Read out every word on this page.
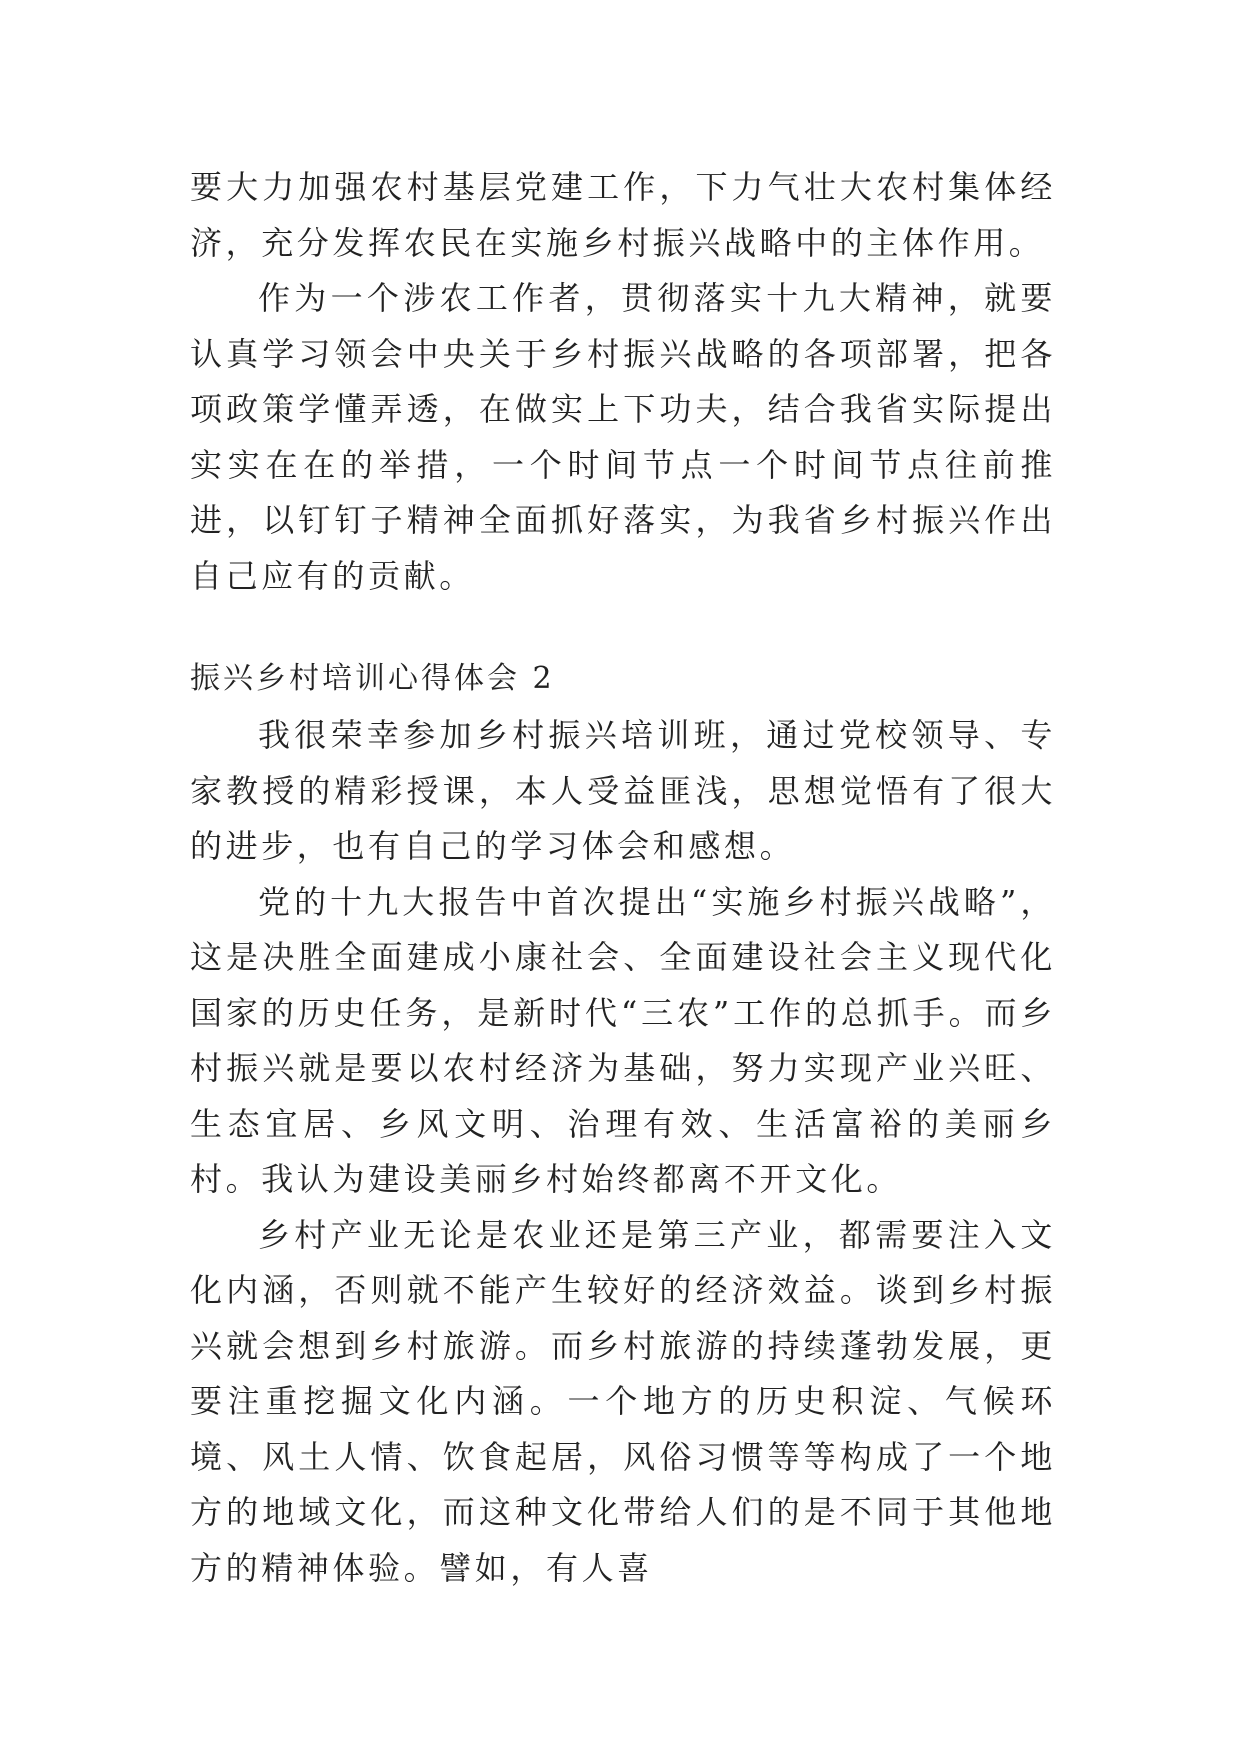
要大力加强农村基层党建工作，下力气壮大农村集体经济，充分发挥农民在实施乡村振兴战略中的主体作用。

作为一个涉农工作者，贯彻落实十九大精神，就要认真学习领会中央关于乡村振兴战略的各项部署，把各项政策学懂弄透，在做实上下功夫，结合我省实际提出实实在在的举措，一个时间节点一个时间节点往前推进，以钉钉子精神全面抓好落实，为我省乡村振兴作出自己应有的贡献。

振兴乡村培训心得体会 2

我很荣幸参加乡村振兴培训班，通过党校领导、专家教授的精彩授课，本人受益匪浅，思想觉悟有了很大的进步，也有自己的学习体会和感想。

党的十九大报告中首次提出“实施乡村振兴战略”，这是决胜全面建成小康社会、全面建设社会主义现代化国家的历史任务，是新时代“三农”工作的总抓手。而乡村振兴就是要以农村经济为基础，努力实现产业兴旺、生态宜居、乡风文明、治理有效、生活富裕的美丽乡村。我认为建设美丽乡村始终都离不开文化。

乡村产业无论是农业还是第三产业，都需要注入文化内涵，否则就不能产生较好的经济效益。谈到乡村振兴就会想到乡村旅游。而乡村旅游的持续蓬勃发展，更要注重挖掘文化内涵。一个地方的历史积淀、气候环境、风土人情、饮食起居，风俗习惯等等构成了一个地方的地域文化，而这种文化带给人们的是不同于其他地方的精神体验。譬如，有人喜
